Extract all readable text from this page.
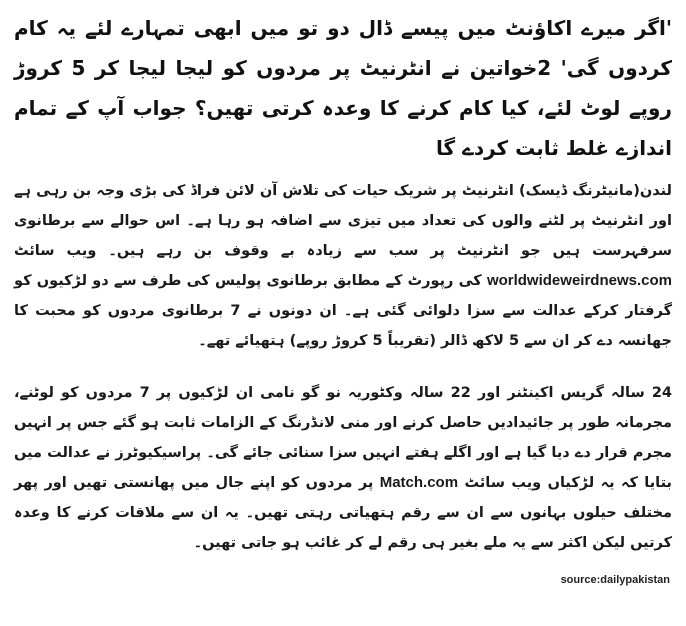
'اگر میرے اکاؤنٹ میں پیسے ڈال دو تو میں ابھی تمہارے لئے یہ کام کردوں گی' 2خواتین نے انٹرنیٹ پر مردوں کو لیجا لیجا کر 5 کروڑ روپے لوٹ لئے، کیا کام کرنے کا وعدہ کرتی تھیں؟ جواب آپ کے تمام اندازے غلط ثابت کردے گا

لندن(مانیٹرنگ ڈیسک) انٹرنیٹ پر شریک حیات کی تلاش آن لائن فراڈ کی بڑی وجہ بن رہی ہے اور انٹرنیٹ پر لٹنے والوں کی تعداد میں تیزی سے اضافہ ہو رہا ہے۔ اس حوالے سے برطانوی سرفہرست ہیں جو انٹرنیٹ پر سب سے زیادہ بے وقوف بن رہے ہیں۔ ویب سائٹ worldwideweirdnews.com کی رپورٹ کے مطابق برطانوی پولیس کی طرف سے دو لڑکیوں کو گرفتار کرکے عدالت سے سزا دلوائی گئی ہے۔ ان دونوں نے 7 برطانوی مردوں کو محبت کا جھانسہ دے کر ان سے 5 لاکھ ڈالر (تقریباً 5 کروڑ روپے) ہتھیائے تھے۔

24 سالہ گریس اکینٹنر اور 22 سالہ وکٹوریہ نو گو نامی ان لڑکیوں پر 7 مردوں کو لوٹنے، مجرمانہ طور پر جائیدادیں حاصل کرنے اور منی لانڈرنگ کے الزامات ثابت ہو گئے جس پر انہیں مجرم قرار دے دیا گیا ہے اور اگلے ہفتے انہیں سزا سنائی جائے گی۔ پراسیکیوٹرز نے عدالت میں بتایا کہ یہ لڑکیاں ویب سائٹ Match.com پر مردوں کو اپنے جال میں پھانستی تھیں اور پھر مختلف حیلوں بہانوں سے ان سے رقم ہتھیاتی رہتی تھیں۔ یہ ان سے ملاقات کرنے کا وعدہ کرتیں لیکن اکثر سے یہ ملے بغیر ہی رقم لے کر غائب ہو جاتی تھیں۔

source:dailypakistan
